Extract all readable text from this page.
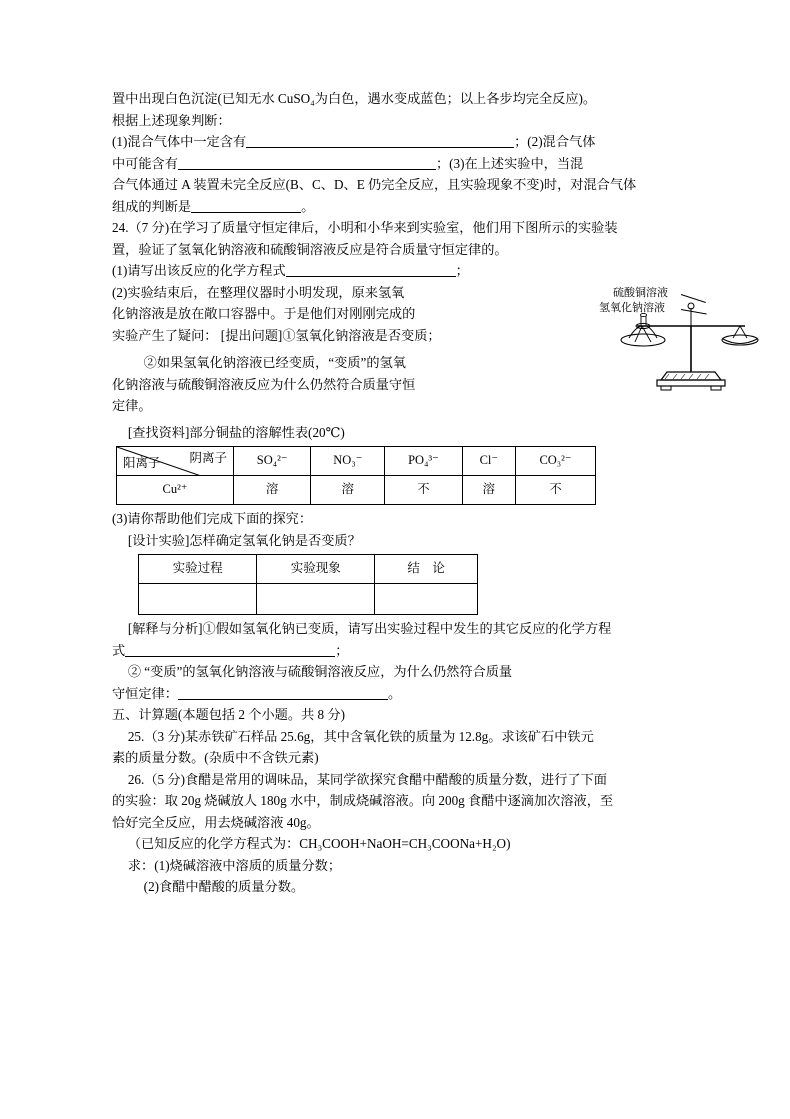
置中出现白色沉淀(已知无水 CuSO₄为白色，遇水变成蓝色；以上各步均完全反应)。

根据上述现象判断：

(1)混合气体中一定含有	；(2)混合气体

中可能含有	；(3)在上述实验中，当混

合气体通过 A 装置未完全反应(B、C、D、E 仍完全反应，且实验现象不变)时，对混合气体

组成的判断是	。

24.（7 分)在学习了质量守恒定律后，小明和小华来到实验室，他们用下图所示的实验装

置，验证了氢氧化钠溶液和硫酸铜溶液反应是符合质量守恒定律的。

(1)请写出该反应的化学方程式	；

(2)实验结束后，在整理仪器时小明发现，原来氢氧

化钠溶液是放在敞口容器中。于是他们对刚刚完成的

实验产生了疑问： [提出问题]①氢氧化钠溶液是否变质；

②如果氢氧化钠溶液已经变质，“变质”的氢氧

化钠溶液与硫酸铜溶液反应为什么仍然符合质量守恒

定律。

[查找资料]部分铜盐的溶解性表(20℃)

阴离子
阳离子	SO₄²⁻	NO₃⁻	PO₄³⁻	Cl⁻	CO₃²⁻
Cu²⁺	溶	溶	不	溶	不

(3)请你帮助他们完成下面的探究：

[设计实验]怎样确定氢氧化钠是否变质？

实验过程	实验现象	结　论

[解释与分析]①假如氢氧化钠已变质，请写出实验过程中发生的其它反应的化学方程

式	；

② “变质”的氢氧化钠溶液与硫酸铜溶液反应，为什么仍然符合质量

守恒定律：	。

五、计算题(本题包括 2 个小题。共 8 分)

25.（3 分)某赤铁矿石样品 25.6g，其中含氧化铁的质量为 12.8g。求该矿石中铁元

素的质量分数。(杂质中不含铁元素)

26.（5 分)食醋是常用的调味品，某同学欲探究食醋中醋酸的质量分数，进行了下面

的实验：取 20g 烧碱放人 180g 水中，制成烧碱溶液。向 200g 食醋中逐滴加次溶液，至

恰好完全反应，用去烧碱溶液 40g。

（已知反应的化学方程式为：CH₃COOH+NaOH=CH₃COONa+H₂O)

求：(1)烧碱溶液中溶质的质量分数；

(2)食醋中醋酸的质量分数。

硫酸铜溶液
氢氧化钠溶液
